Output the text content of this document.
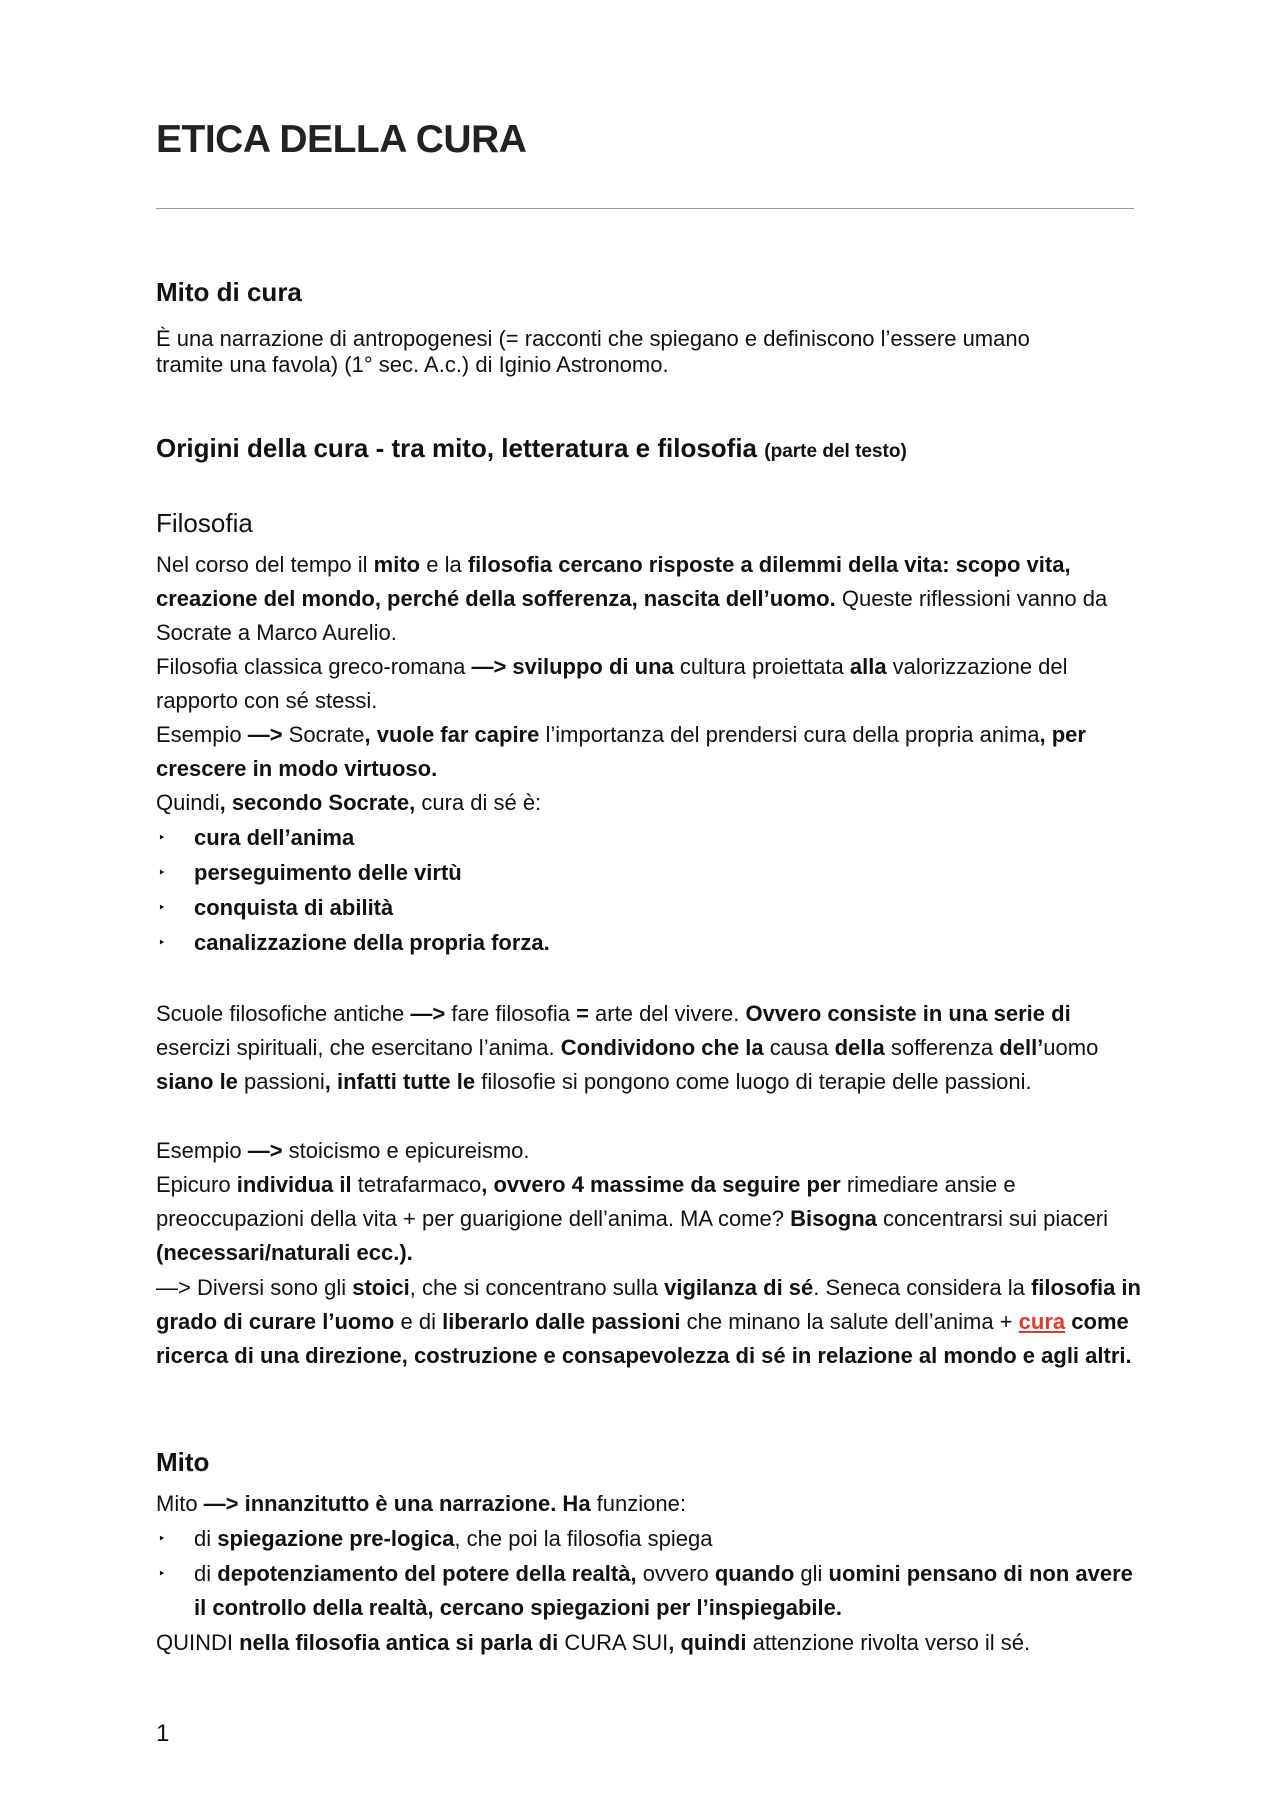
ETICA DELLA CURA
Mito di cura
È una narrazione di antropogenesi (= racconti che spiegano e definiscono l’essere umano
tramite una favola) (1° sec. A.c.) di Iginio Astronomo.
Origini della cura - tra mito, letteratura e filosofia (parte del testo)
Filosofia
Nel corso del tempo il mito e la filosofia cercano risposte a dilemmi della vita: scopo vita, creazione del mondo, perché della sofferenza, nascita dell’uomo. Queste riflessioni vanno da Socrate a Marco Aurelio.
Filosofia classica greco-romana —> sviluppo di una cultura proiettata alla valorizzazione del rapporto con sé stessi.
Esempio —> Socrate, vuole far capire l’importanza del prendersi cura della propria anima, per crescere in modo virtuoso.
Quindi, secondo Socrate, cura di sé è:
‣	cura dell’anima
‣	perseguimento delle virtù
‣	conquista di abilità
‣	canalizzazione della propria forza.
Scuole filosofiche antiche —> fare filosofia = arte del vivere. Ovvero consiste in una serie di esercizi spirituali, che esercitano l’anima. Condividono che la causa della sofferenza dell’uomo siano le passioni, infatti tutte le filosofie si pongono come luogo di terapie delle passioni.
Esempio —> stoicismo e epicureismo.
Epicuro individua il tetrafarmaco, ovvero 4 massime da seguire per rimediare ansie e preoccupazioni della vita + per guarigione dell’anima. MA come? Bisogna concentrarsi sui piaceri (necessari/naturali ecc.).
—> Diversi sono gli stoici, che si concentrano sulla vigilanza di sé. Seneca considera la filosofia in grado di curare l’uomo e di liberarlo dalle passioni che minano la salute dell’anima + cura come ricerca di una direzione, costruzione e consapevolezza di sé in relazione al mondo e agli altri.
Mito
Mito —> innanzitutto è una narrazione. Ha funzione:
‣	di spiegazione pre-logica, che poi la filosofia spiega
‣	di depotenziamento del potere della realtà, ovvero quando gli uomini pensano di non avere il controllo della realtà, cercano spiegazioni per l’inspiegabile.
QUINDI nella filosofia antica si parla di CURA SUI, quindi attenzione rivolta verso il sé.
1
